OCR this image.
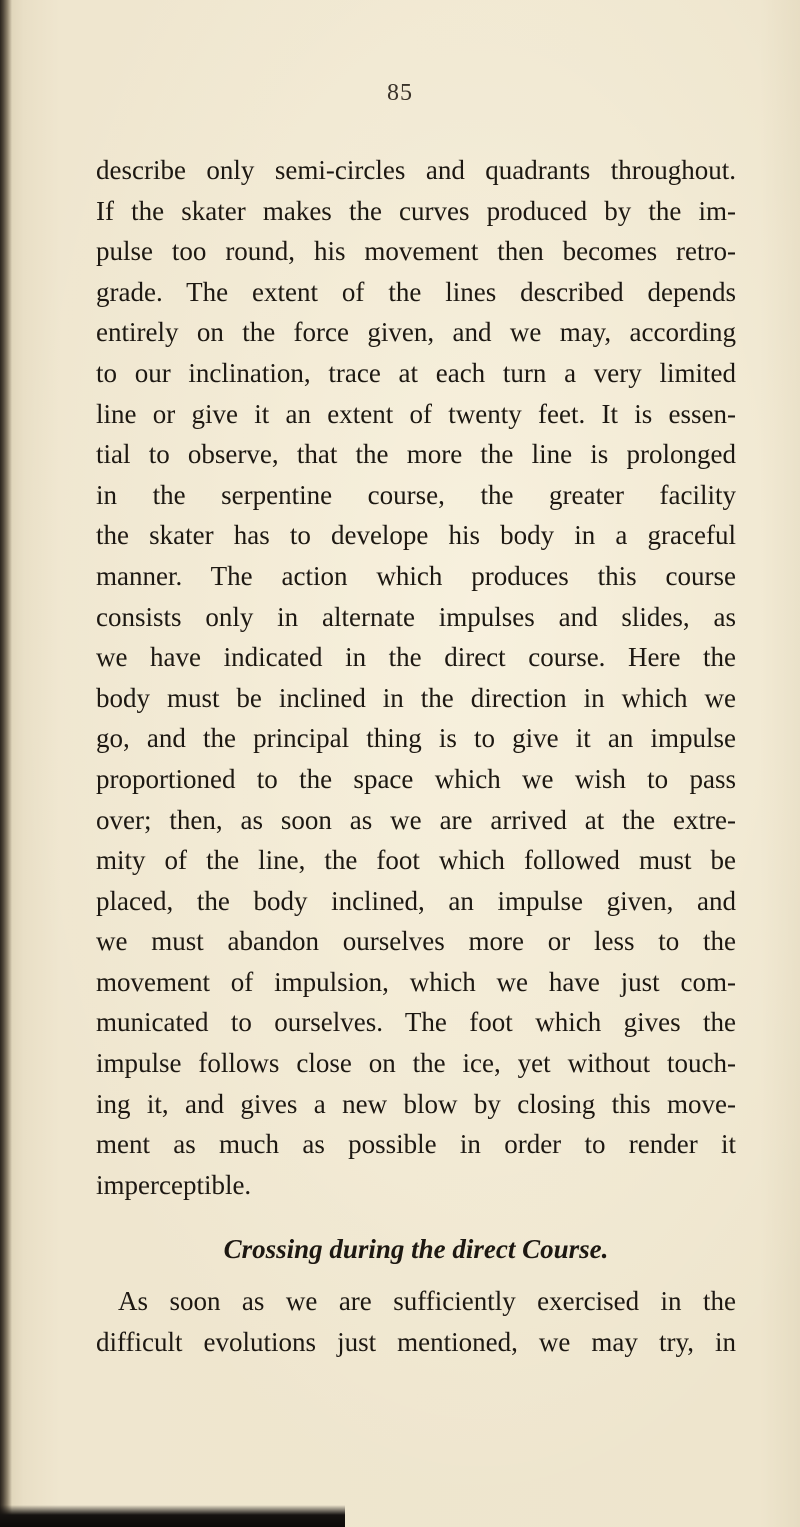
85
describe only semi-circles and quadrants throughout.
If the skater makes the curves produced by the im-
pulse too round, his movement then becomes retro-
grade. The extent of the lines described depends
entirely on the force given, and we may, according
to our inclination, trace at each turn a very limited
line or give it an extent of twenty feet. It is essen-
tial to observe, that the more the line is prolonged
in the serpentine course, the greater facility
the skater has to develope his body in a graceful
manner. The action which produces this course
consists only in alternate impulses and slides, as
we have indicated in the direct course. Here the
body must be inclined in the direction in which we
go, and the principal thing is to give it an impulse
proportioned to the space which we wish to pass
over; then, as soon as we are arrived at the extre-
mity of the line, the foot which followed must be
placed, the body inclined, an impulse given, and
we must abandon ourselves more or less to the
movement of impulsion, which we have just com-
municated to ourselves. The foot which gives the
impulse follows close on the ice, yet without touch-
ing it, and gives a new blow by closing this move-
ment as much as possible in order to render it
imperceptible.
Crossing during the direct Course.
As soon as we are sufficiently exercised in the
difficult evolutions just mentioned, we may try, in
